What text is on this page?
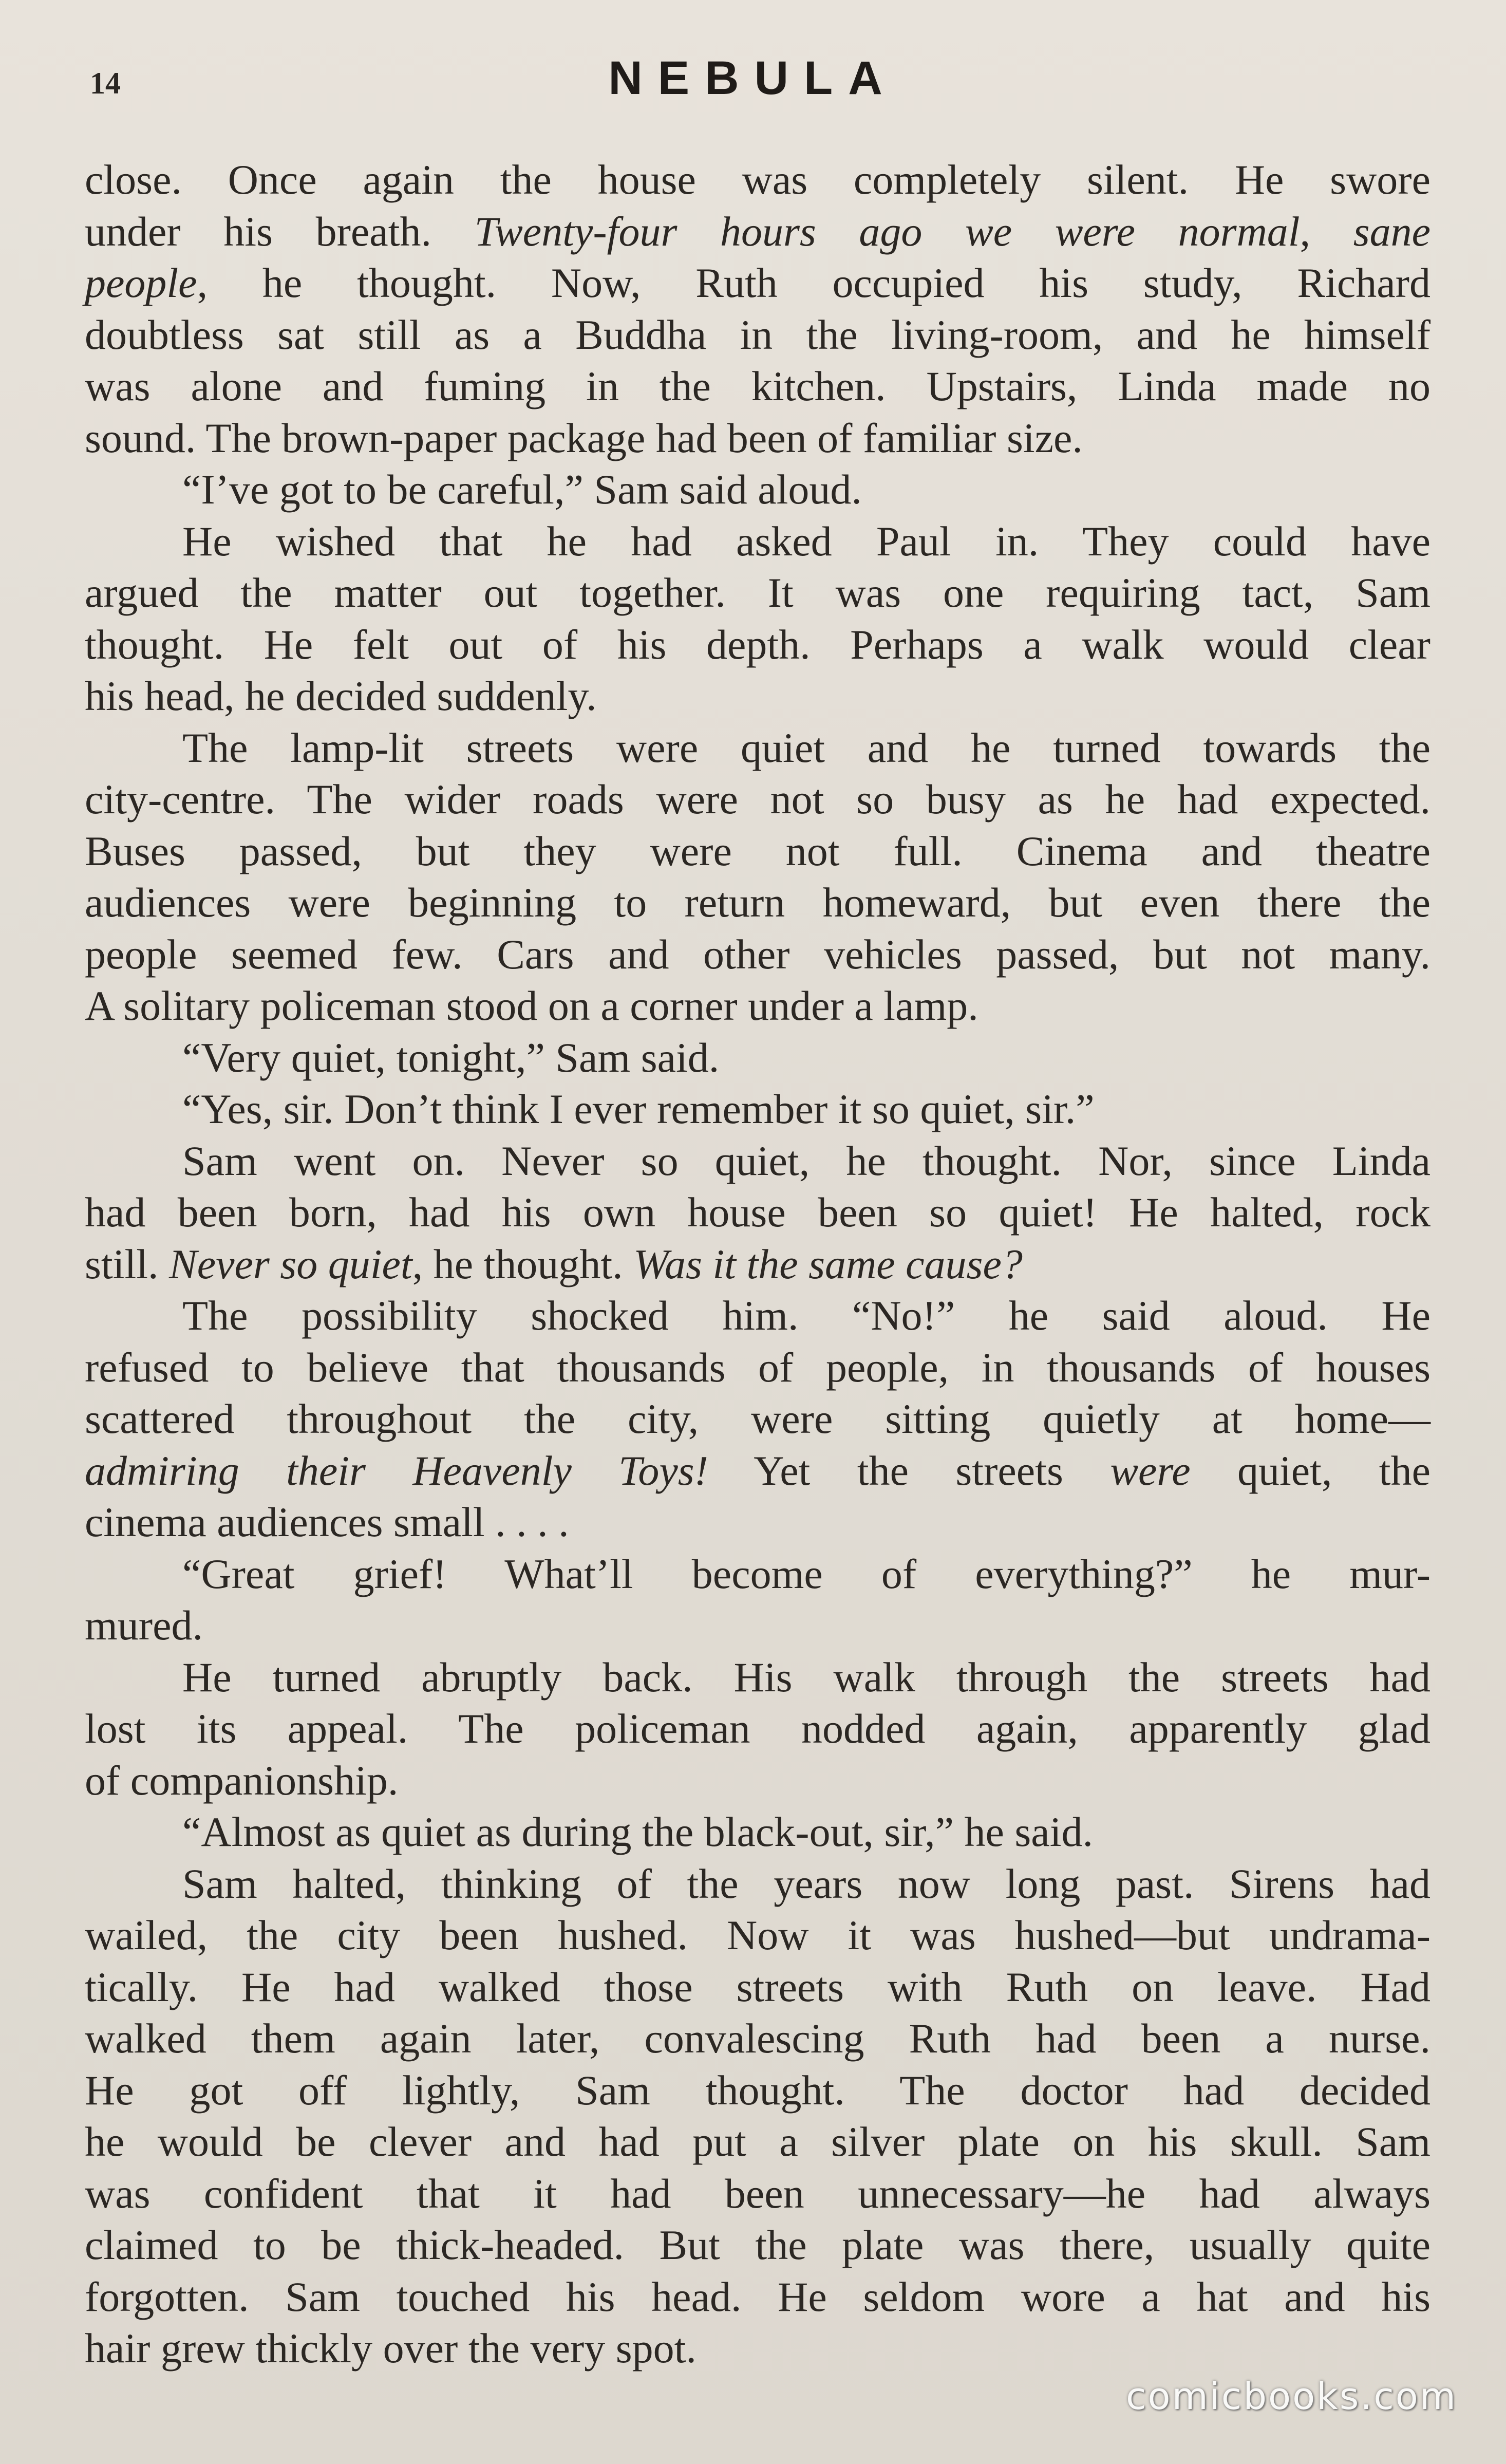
14	NEBULA
close. Once again the house was completely silent. He swore
under his breath. Twenty-four hours ago we were normal, sane
people, he thought. Now, Ruth occupied his study, Richard
doubtless sat still as a Buddha in the living-room, and he himself
was alone and fuming in the kitchen. Upstairs, Linda made no
sound. The brown-paper package had been of familiar size.
“I’ve got to be careful,” Sam said aloud.
He wished that he had asked Paul in. They could have
argued the matter out together. It was one requiring tact, Sam
thought. He felt out of his depth. Perhaps a walk would clear
his head, he decided suddenly.
The lamp-lit streets were quiet and he turned towards the
city-centre. The wider roads were not so busy as he had expected.
Buses passed, but they were not full. Cinema and theatre
audiences were beginning to return homeward, but even there the
people seemed few. Cars and other vehicles passed, but not many.
A solitary policeman stood on a corner under a lamp.
“Very quiet, tonight,” Sam said.
“Yes, sir. Don’t think I ever remember it so quiet, sir.”
Sam went on. Never so quiet, he thought. Nor, since Linda
had been born, had his own house been so quiet! He halted, rock
still. Never so quiet, he thought. Was it the same cause?
The possibility shocked him. “No!” he said aloud. He
refused to believe that thousands of people, in thousands of houses
scattered throughout the city, were sitting quietly at home—
admiring their Heavenly Toys! Yet the streets were quiet, the
cinema audiences small . . . .
“Great grief! What’ll become of everything?” he mur-
mured.
He turned abruptly back. His walk through the streets had
lost its appeal. The policeman nodded again, apparently glad
of companionship.
“Almost as quiet as during the black-out, sir,” he said.
Sam halted, thinking of the years now long past. Sirens had
wailed, the city been hushed. Now it was hushed—but undrama-
tically. He had walked those streets with Ruth on leave. Had
walked them again later, convalescing Ruth had been a nurse.
He got off lightly, Sam thought. The doctor had decided
he would be clever and had put a silver plate on his skull. Sam
was confident that it had been unnecessary—he had always
claimed to be thick-headed. But the plate was there, usually quite
forgotten. Sam touched his head. He seldom wore a hat and his
hair grew thickly over the very spot.
comicbooks.com
